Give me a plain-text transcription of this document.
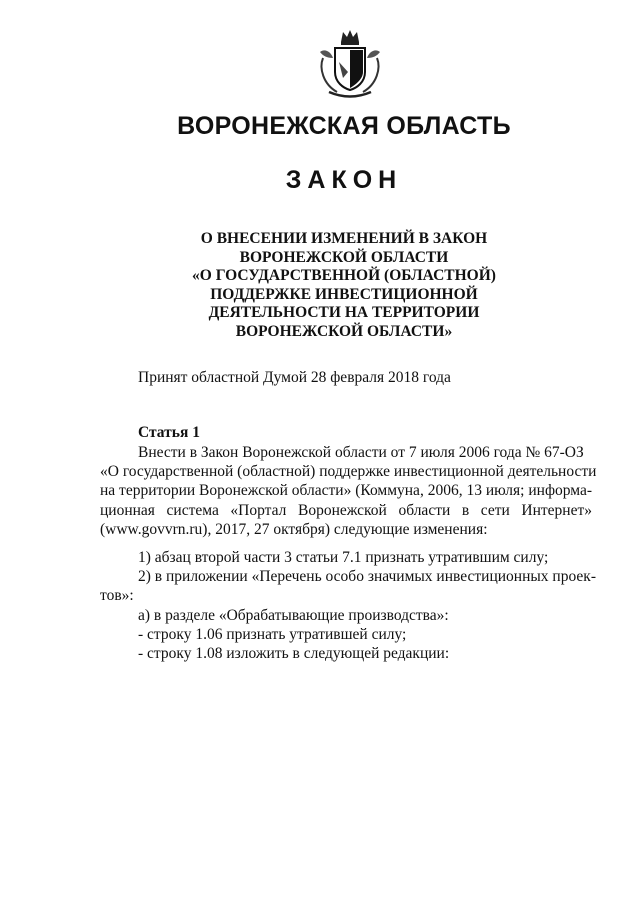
ВОРОНЕЖСКАЯ ОБЛАСТЬ
ЗАКОН
О ВНЕСЕНИИ ИЗМЕНЕНИЙ В ЗАКОН
ВОРОНЕЖСКОЙ ОБЛАСТИ
«О ГОСУДАРСТВЕННОЙ (ОБЛАСТНОЙ)
ПОДДЕРЖКЕ ИНВЕСТИЦИОННОЙ
ДЕЯТЕЛЬНОСТИ НА ТЕРРИТОРИИ
ВОРОНЕЖСКОЙ ОБЛАСТИ»
Принят областной Думой 28 февраля 2018 года
Статья 1
Внести в Закон Воронежской области от 7 июля 2006 года № 67-ОЗ
«О государственной (областной) поддержке инвестиционной деятельности
на территории Воронежской области» (Коммуна, 2006, 13 июля; информа-
ционная система «Портал Воронежской области в сети Интернет»
(www.govvrn.ru), 2017, 27 октября) следующие изменения:
1) абзац второй части 3 статьи 7.1 признать утратившим силу;
2) в приложении «Перечень особо значимых инвестиционных проек-
тов»:
а) в разделе «Обрабатывающие производства»:
- строку 1.06 признать утратившей силу;
- строку 1.08 изложить в следующей редакции:
